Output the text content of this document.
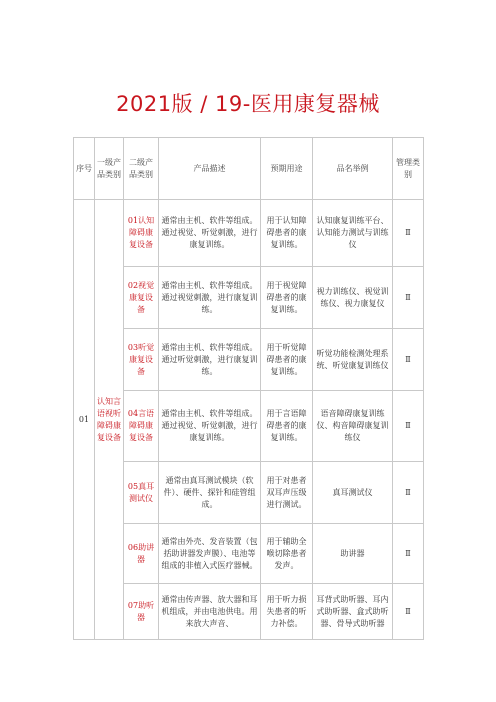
2021版 / 19-医用康复器械
序号	一级产品类别	二级产品类别	产品描述	预期用途	品名举例	管理类别
01	认知言语视听障碍康复设备	01认知障碍康复设备	通常由主机、软件等组成。通过视觉、听觉刺激，进行康复训练。	用于认知障碍患者的康复训练。	认知康复训练平台、认知能力测试与训练仪	Ⅱ
		02视觉康复设备	通常由主机、软件等组成。通过视觉刺激，进行康复训练。	用于视觉障碍患者的康复训练。	视力训练仪、视觉训练仪、视力康复仪	Ⅱ
		03听觉康复设备	通常由主机、软件等组成。通过听觉刺激，进行康复训练。	用于听觉障碍患者的康复训练。	听觉功能检测处理系统、听觉康复训练仪	Ⅱ
		04言语障碍康复设备	通常由主机、软件等组成。通过视觉、听觉刺激，进行康复训练。	用于言语障碍患者的康复训练。	语音障碍康复训练仪、构音障碍康复训练仪	Ⅱ
		05真耳测试仪	通常由真耳测试模块（软件）、硬件、探针和硅管组成。	用于对患者双耳声压级进行测试。	真耳测试仪	Ⅱ
		06助讲器	通常由外壳、发音装置（包括助讲器发声膜）、电池等组成的非植入式医疗器械。	用于辅助全喉切除患者发声。	助讲器	Ⅱ
		07助听器	通常由传声器、放大器和耳机组成，并由电池供电。用来放大声音、	用于听力损失患者的听力补偿。	耳背式助听器、耳内式助听器、盒式助听器、骨导式助听器	Ⅱ
